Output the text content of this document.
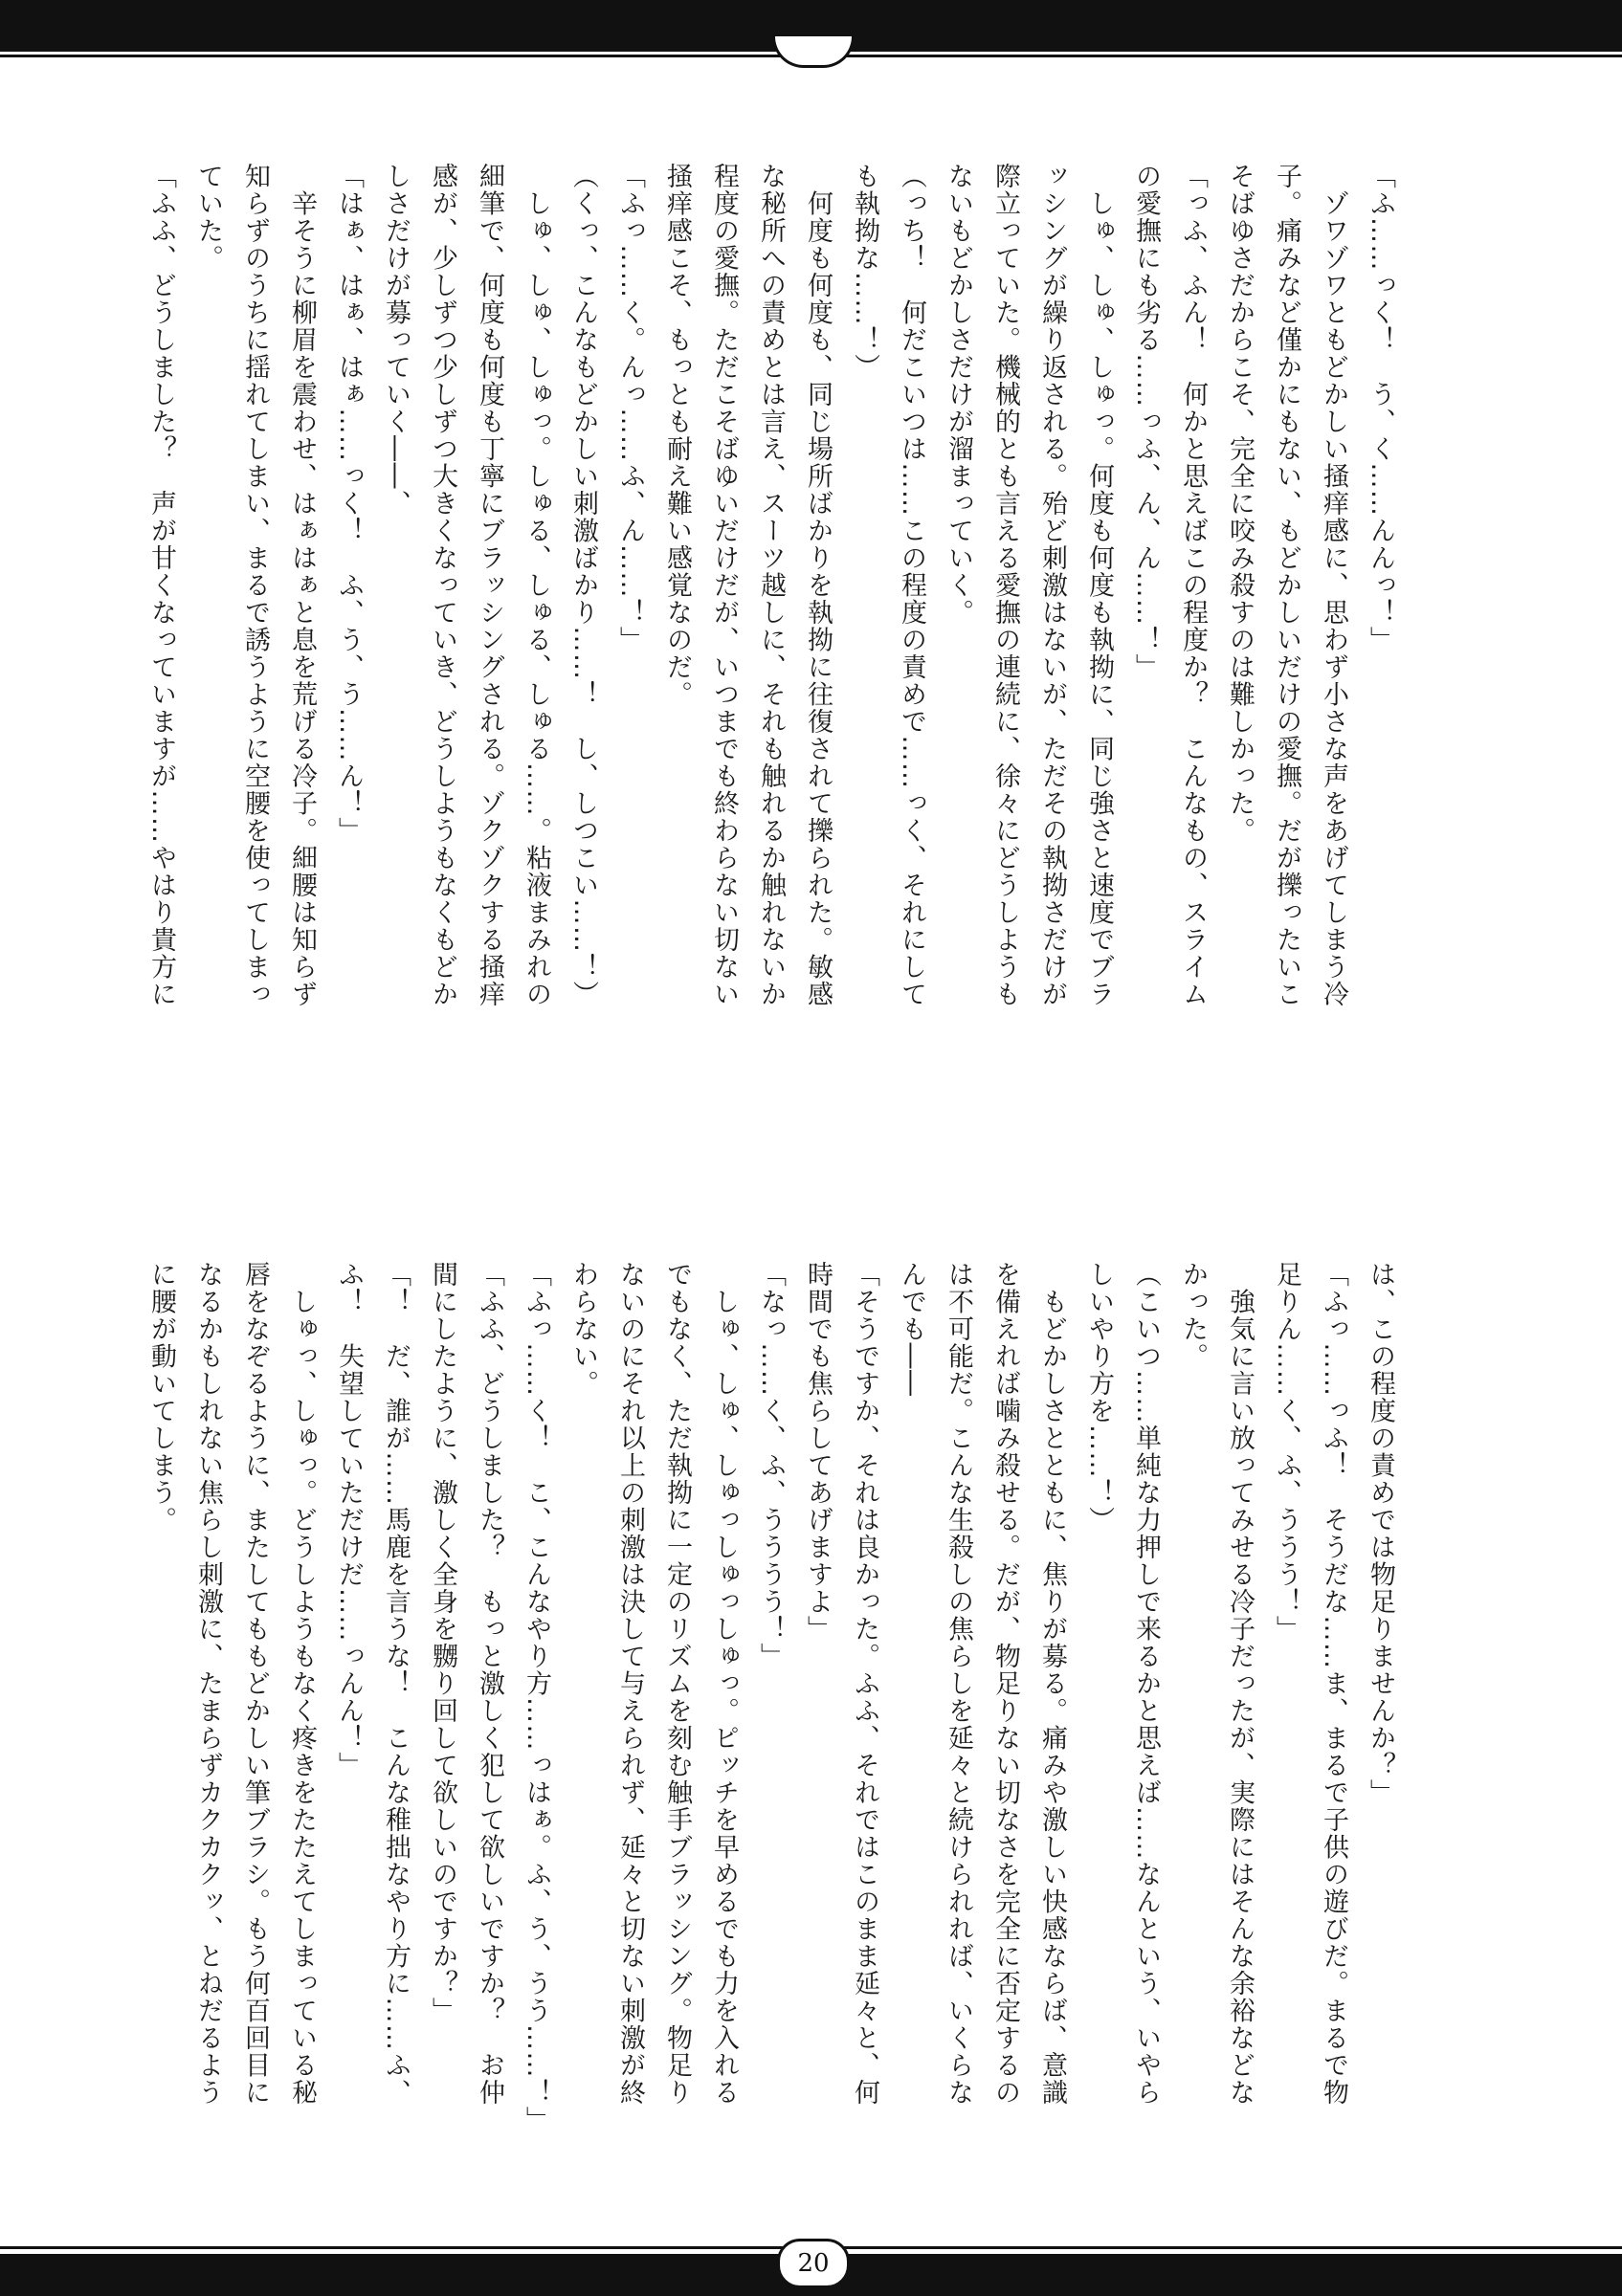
「ふ……っく！　う、く……んんっ！」
　ゾワゾワともどかしい掻痒感に、思わず小さな声をあげてしまう冷
子。痛みなど僅かにもない、もどかしいだけの愛撫。だが擽ったいこ
そばゆさだからこそ、完全に咬み殺すのは難しかった。
「っふ、ふん！　何かと思えばこの程度か？　こんなもの、スライム
の愛撫にも劣る……っふ、ん、ん……！」
　しゅ、しゅ、しゅっ。何度も何度も執拗に、同じ強さと速度でブラ
ッシングが繰り返される。殆ど刺激はないが、ただその執拗さだけが
際立っていた。機械的とも言える愛撫の連続に、徐々にどうしようも
ないもどかしさだけが溜まっていく。
（っち！　何だこいつは……この程度の責めで……っく、それにして
も執拗な……！）
　何度も何度も、同じ場所ばかりを執拗に往復されて擽られた。敏感
な秘所への責めとは言え、スーツ越しに、それも触れるか触れないか
程度の愛撫。ただこそばゆいだけだが、いつまでも終わらない切ない
掻痒感こそ、もっとも耐え難い感覚なのだ。
「ふっ……く。んっ……ふ、ん……！」
（くっ、こんなもどかしい刺激ばかり……！　し、しつこい……！）
　しゅ、しゅ、しゅっ。しゅる、しゅる、しゅる……。粘液まみれの
細筆で、何度も何度も丁寧にブラッシングされる。ゾクゾクする掻痒
感が、少しずつ少しずつ大きくなっていき、どうしようもなくもどか
しさだけが募っていく――、
「はぁ、はぁ、はぁ……っく！　ふ、う、う……ん！」
　辛そうに柳眉を震わせ、はぁはぁと息を荒げる冷子。細腰は知らず
知らずのうちに揺れてしまい、まるで誘うように空腰を使ってしまっ
ていた。
「ふふ、どうしました？　声が甘くなっていますが……やはり貴方に
は、この程度の責めでは物足りませんか？」
「ふっ……っふ！　そうだな……ま、まるで子供の遊びだ。まるで物
足りん……く、ふ、ううう！」
　強気に言い放ってみせる冷子だったが、実際にはそんな余裕などな
かった。
（こいつ……単純な力押しで来るかと思えば……なんという、いやら
しいやり方を……！）
　もどかしさとともに、焦りが募る。痛みや激しい快感ならば、意識
を備えれば噛み殺せる。だが、物足りない切なさを完全に否定するの
は不可能だ。こんな生殺しの焦らしを延々と続けられれば、いくらな
んでも――
「そうですか、それは良かった。ふふ、それではこのまま延々と、何
時間でも焦らしてあげますよ」
「なっ……く、ふ、うううう！」
　しゅ、しゅ、しゅっしゅっしゅっ。ピッチを早めるでも力を入れる
でもなく、ただ執拗に一定のリズムを刻む触手ブラッシング。物足り
ないのにそれ以上の刺激は決して与えられず、延々と切ない刺激が終
わらない。
「ふっ……く！　こ、こんなやり方……っはぁ。ふ、う、うう……！」
「ふふ、どうしました？　もっと激しく犯して欲しいですか？　お仲
間にしたように、激しく全身を嬲り回して欲しいのですか？」
「！　だ、誰が……馬鹿を言うな！　こんな稚拙なやり方に……ふ、
ふ！　失望していただけだ……っんん！」
　しゅっ、しゅっ。どうしようもなく疼きをたたえてしまっている秘
唇をなぞるように、またしてももどかしい筆ブラシ。もう何百回目に
なるかもしれない焦らし刺激に、たまらずカクカクッ、とねだるよう
に腰が動いてしまう。
20
